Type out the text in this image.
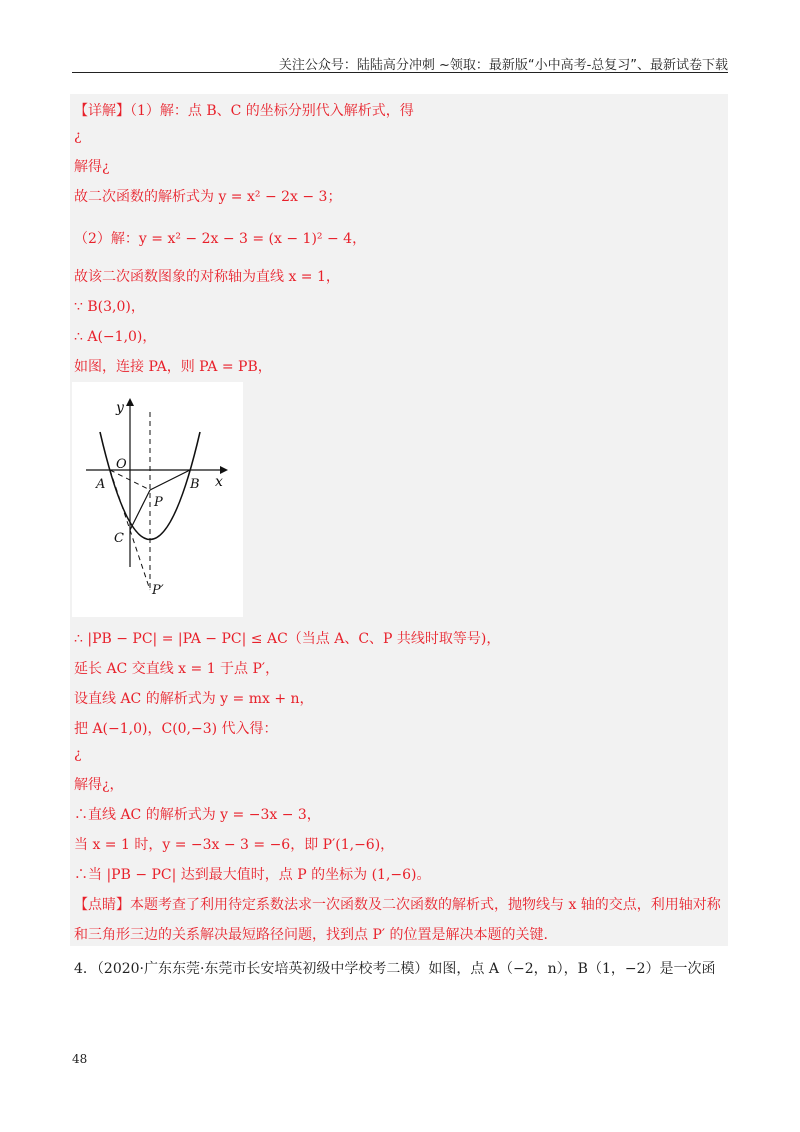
关注公众号：陆陆高分冲刺 ~领取：最新版“小中高考-总复习”、最新试卷下载
【详解】（1）解：点 B、C 的坐标分别代入解析式，得
¿
解得¿
故二次函数的解析式为 y = x² − 2x − 3；
（2）解：y = x² − 2x − 3 = (x − 1)² − 4，
故该二次函数图象的对称轴为直线 x = 1，
∵ B(3,0)，
∴ A(−1,0)，
如图，连接 PA，则 PA = PB，
y
x
O
A	B
P
C
P′
∴ |PB − PC| = |PA − PC| ≤ AC（当点 A、C、P 共线时取等号)，
延长 AC 交直线 x = 1 于点 P′，
设直线 AC 的解析式为 y = mx + n，
把 A(−1,0)，C(0,−3) 代入得：
¿
解得¿，
∴直线 AC 的解析式为 y = −3x − 3，
当 x = 1 时，y = −3x − 3 = −6，即 P′(1,−6)，
∴当 |PB − PC| 达到最大值时，点 P 的坐标为 (1,−6)。
【点睛】本题考查了利用待定系数法求一次函数及二次函数的解析式，抛物线与 x 轴的交点，利用轴对称
和三角形三边的关系解决最短路径问题，找到点 P′ 的位置是解决本题的关键.
4．（2020·广东东莞·东莞市长安培英初级中学校考二模）如图，点 A（−2，n），B（1，−2）是一次函
48
